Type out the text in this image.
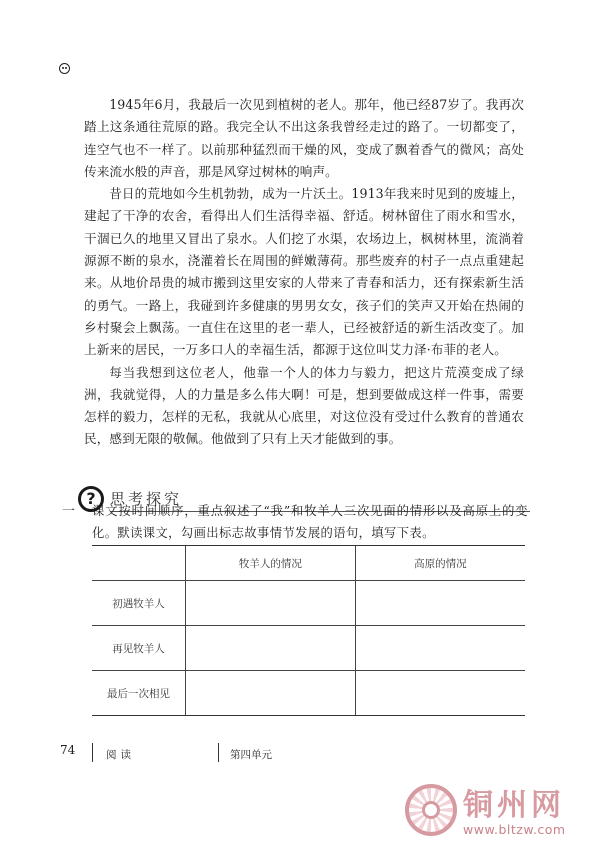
1945年6月，我最后一次见到植树的老人。那年，他已经87岁了。我再次踏上这条通往荒原的路。我完全认不出这条我曾经走过的路了。一切都变了，连空气也不一样了。以前那种猛烈而干燥的风，变成了飘着香气的微风；高处传来流水般的声音，那是风穿过树林的响声。

昔日的荒地如今生机勃勃，成为一片沃土。1913年我来时见到的废墟上，建起了干净的农舍，看得出人们生活得幸福、舒适。树林留住了雨水和雪水，干涸已久的地里又冒出了泉水。人们挖了水渠，农场边上，枫树林里，流淌着源源不断的泉水，浇灌着长在周围的鲜嫩薄荷。那些废弃的村子一点点重建起来。从地价昂贵的城市搬到这里安家的人带来了青春和活力，还有探索新生活的勇气。一路上，我碰到许多健康的男男女女，孩子们的笑声又开始在热闹的乡村聚会上飘荡。一直住在这里的老一辈人，已经被舒适的新生活改变了。加上新来的居民，一万多口人的幸福生活，都源于这位叫艾力泽·布菲的老人。

每当我想到这位老人，他靠一个人的体力与毅力，把这片荒漠变成了绿洲，我就觉得，人的力量是多么伟大啊！可是，想到要做成这样一件事，需要怎样的毅力，怎样的无私，我就从心底里，对这位没有受过什么教育的普通农民，感到无限的敬佩。他做到了只有上天才能做到的事。

? 思考探究
一 课文按时间顺序，重点叙述了“我”和牧羊人三次见面的情形以及高原上的变化。默读课文，勾画出标志故事情节发展的语句，填写下表。
	牧羊人的情况	高原的情况
初遇牧羊人		
再见牧羊人		
最后一次相见		
74	阅读	第四单元
铜州网
www.bltzw.com
